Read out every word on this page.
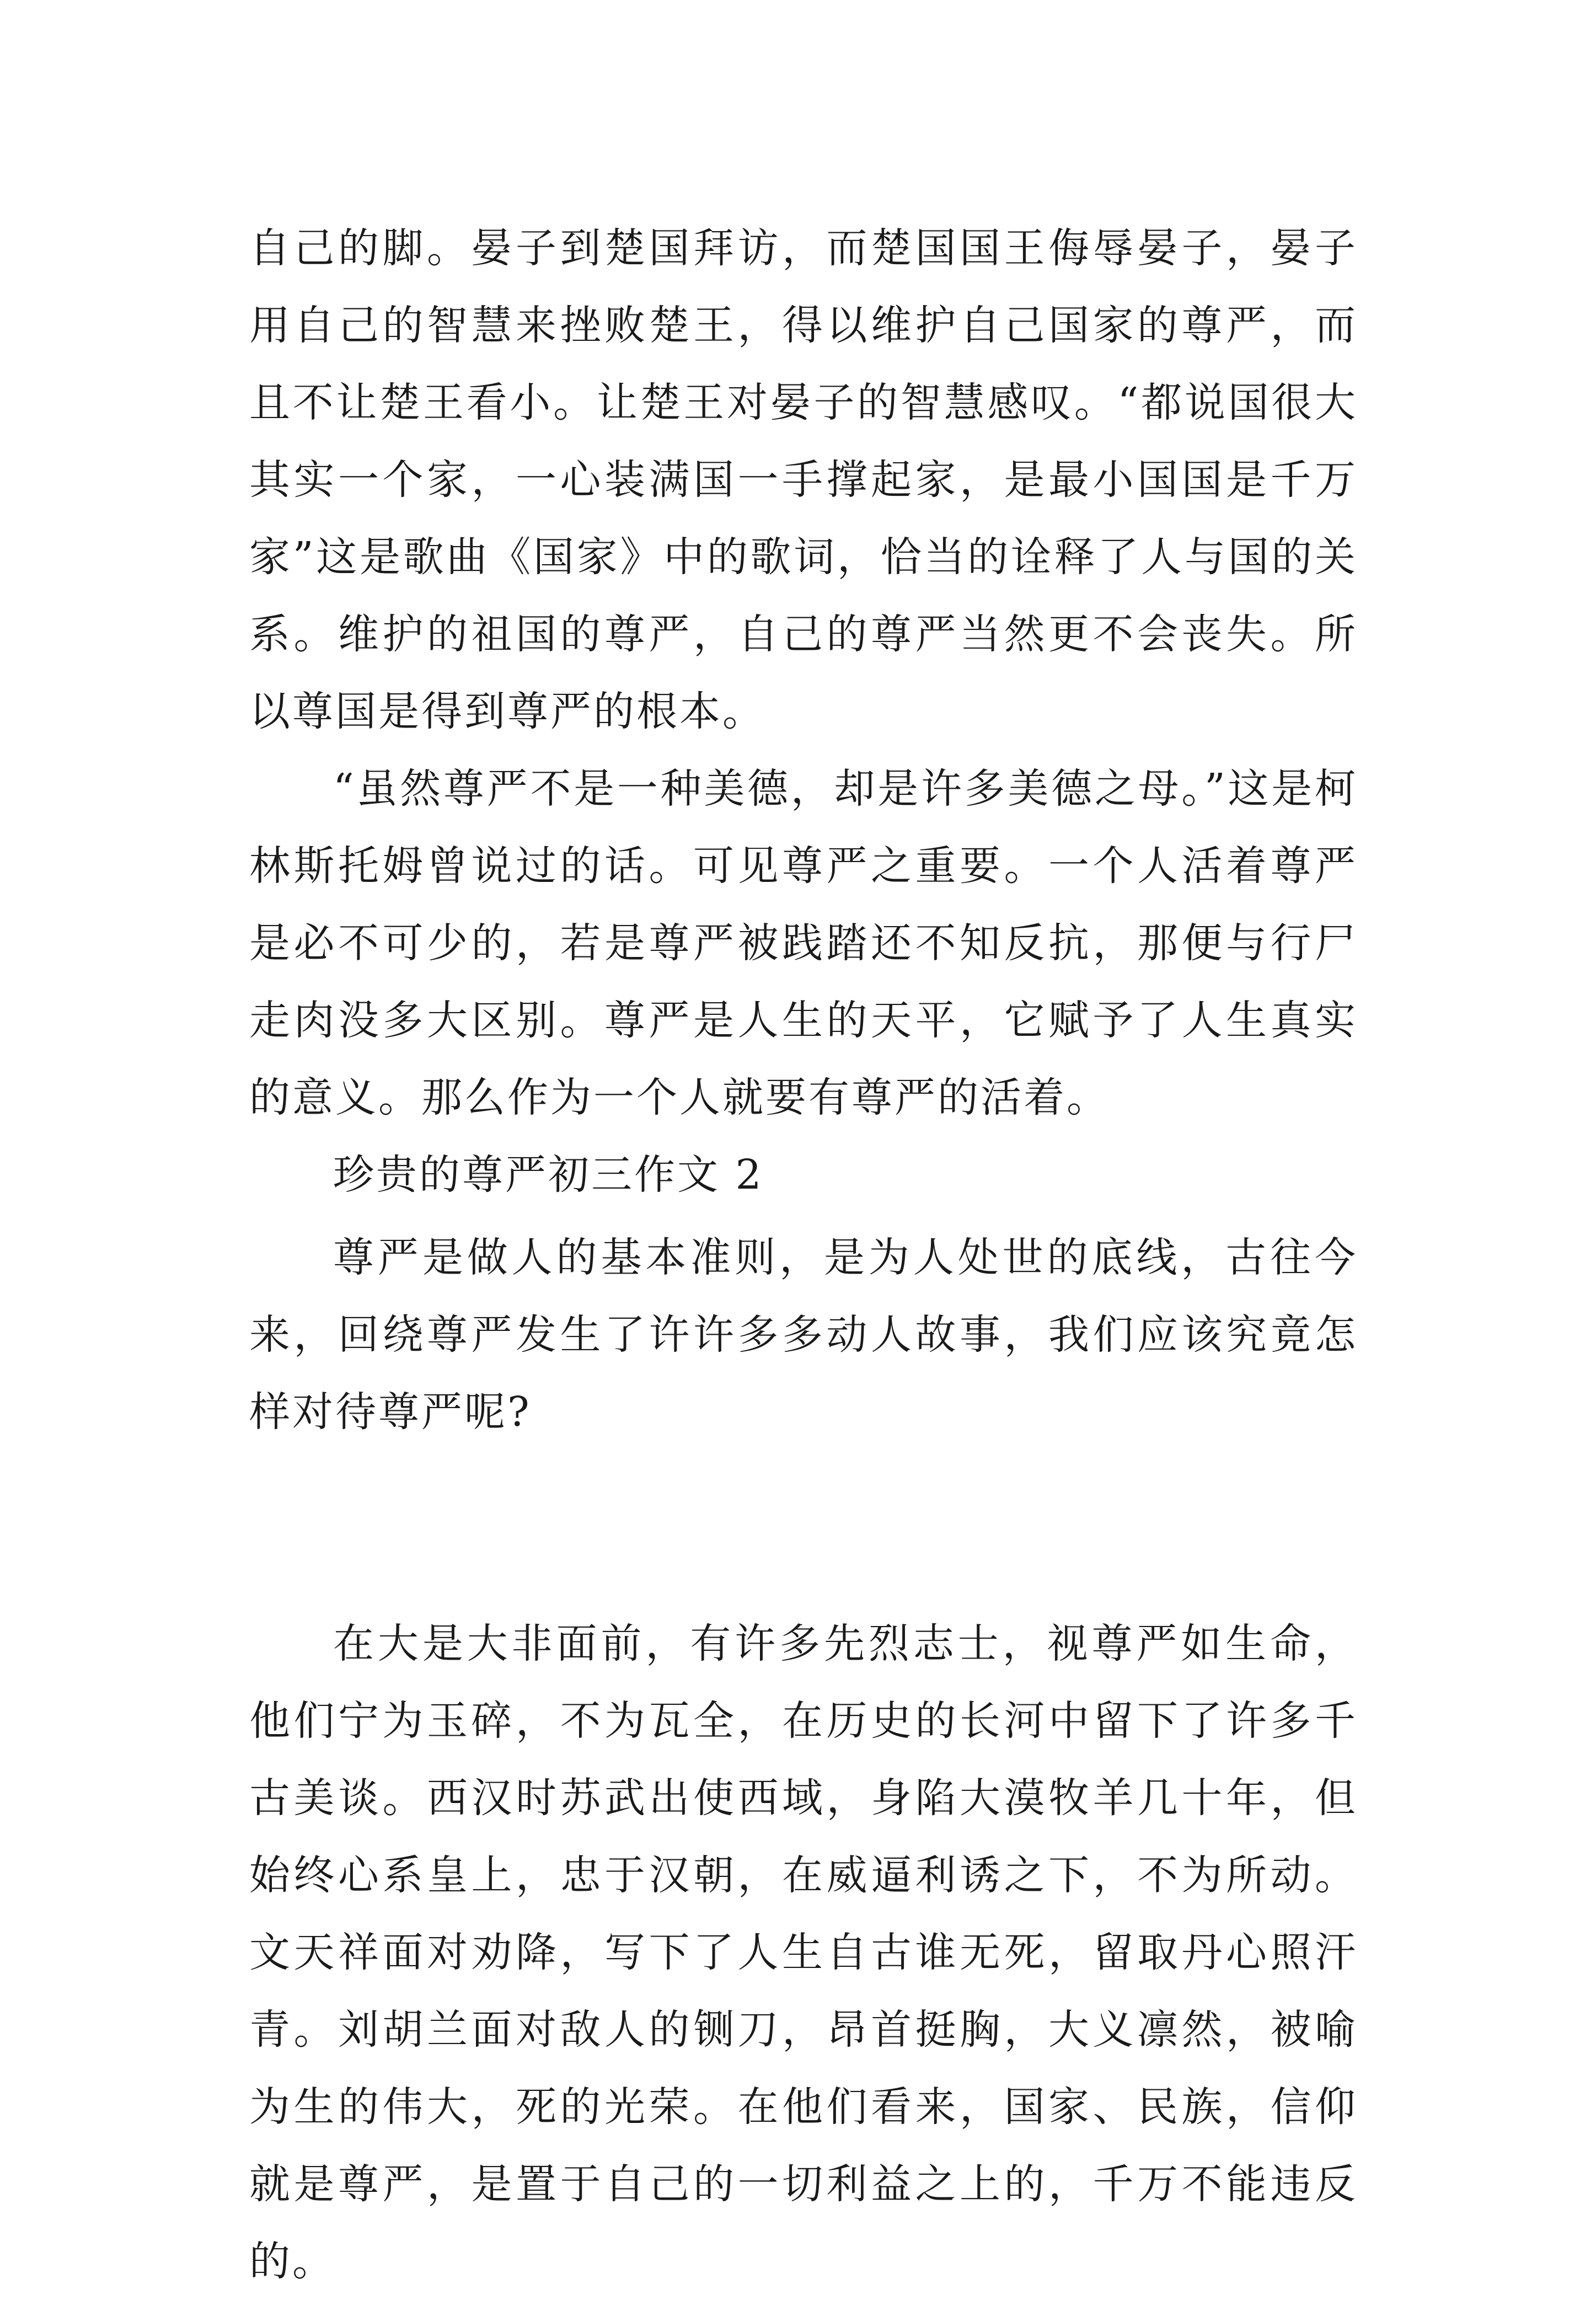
自己的脚。晏子到楚国拜访，而楚国国王侮辱晏子，晏子用自己的智慧来挫败楚王，得以维护自己国家的尊严，而且不让楚王看小。让楚王对晏子的智慧感叹。“都说国很大其实一个家，一心装满国一手撑起家，是最小国国是千万家”这是歌曲《国家》中的歌词，恰当的诠释了人与国的关系。维护的祖国的尊严，自己的尊严当然更不会丧失。所以尊国是得到尊严的根本。

“虽然尊严不是一种美德，却是许多美德之母。”这是柯林斯托姆曾说过的话。可见尊严之重要。一个人活着尊严是必不可少的，若是尊严被践踏还不知反抗，那便与行尸走肉没多大区别。尊严是人生的天平，它赋予了人生真实的意义。那么作为一个人就要有尊严的活着。

珍贵的尊严初三作文 2

尊严是做人的基本准则，是为人处世的底线，古往今来，回绕尊严发生了许许多多动人故事，我们应该究竟怎样对待尊严呢?

在大是大非面前，有许多先烈志士，视尊严如生命，他们宁为玉碎，不为瓦全，在历史的长河中留下了许多千古美谈。西汉时苏武出使西域，身陷大漠牧羊几十年，但始终心系皇上，忠于汉朝，在威逼利诱之下，不为所动。文天祥面对劝降，写下了人生自古谁无死，留取丹心照汗青。刘胡兰面对敌人的铡刀，昂首挺胸，大义凛然，被喻为生的伟大，死的光荣。在他们看来，国家、民族，信仰就是尊严，是置于自己的一切利益之上的，千万不能违反的。
